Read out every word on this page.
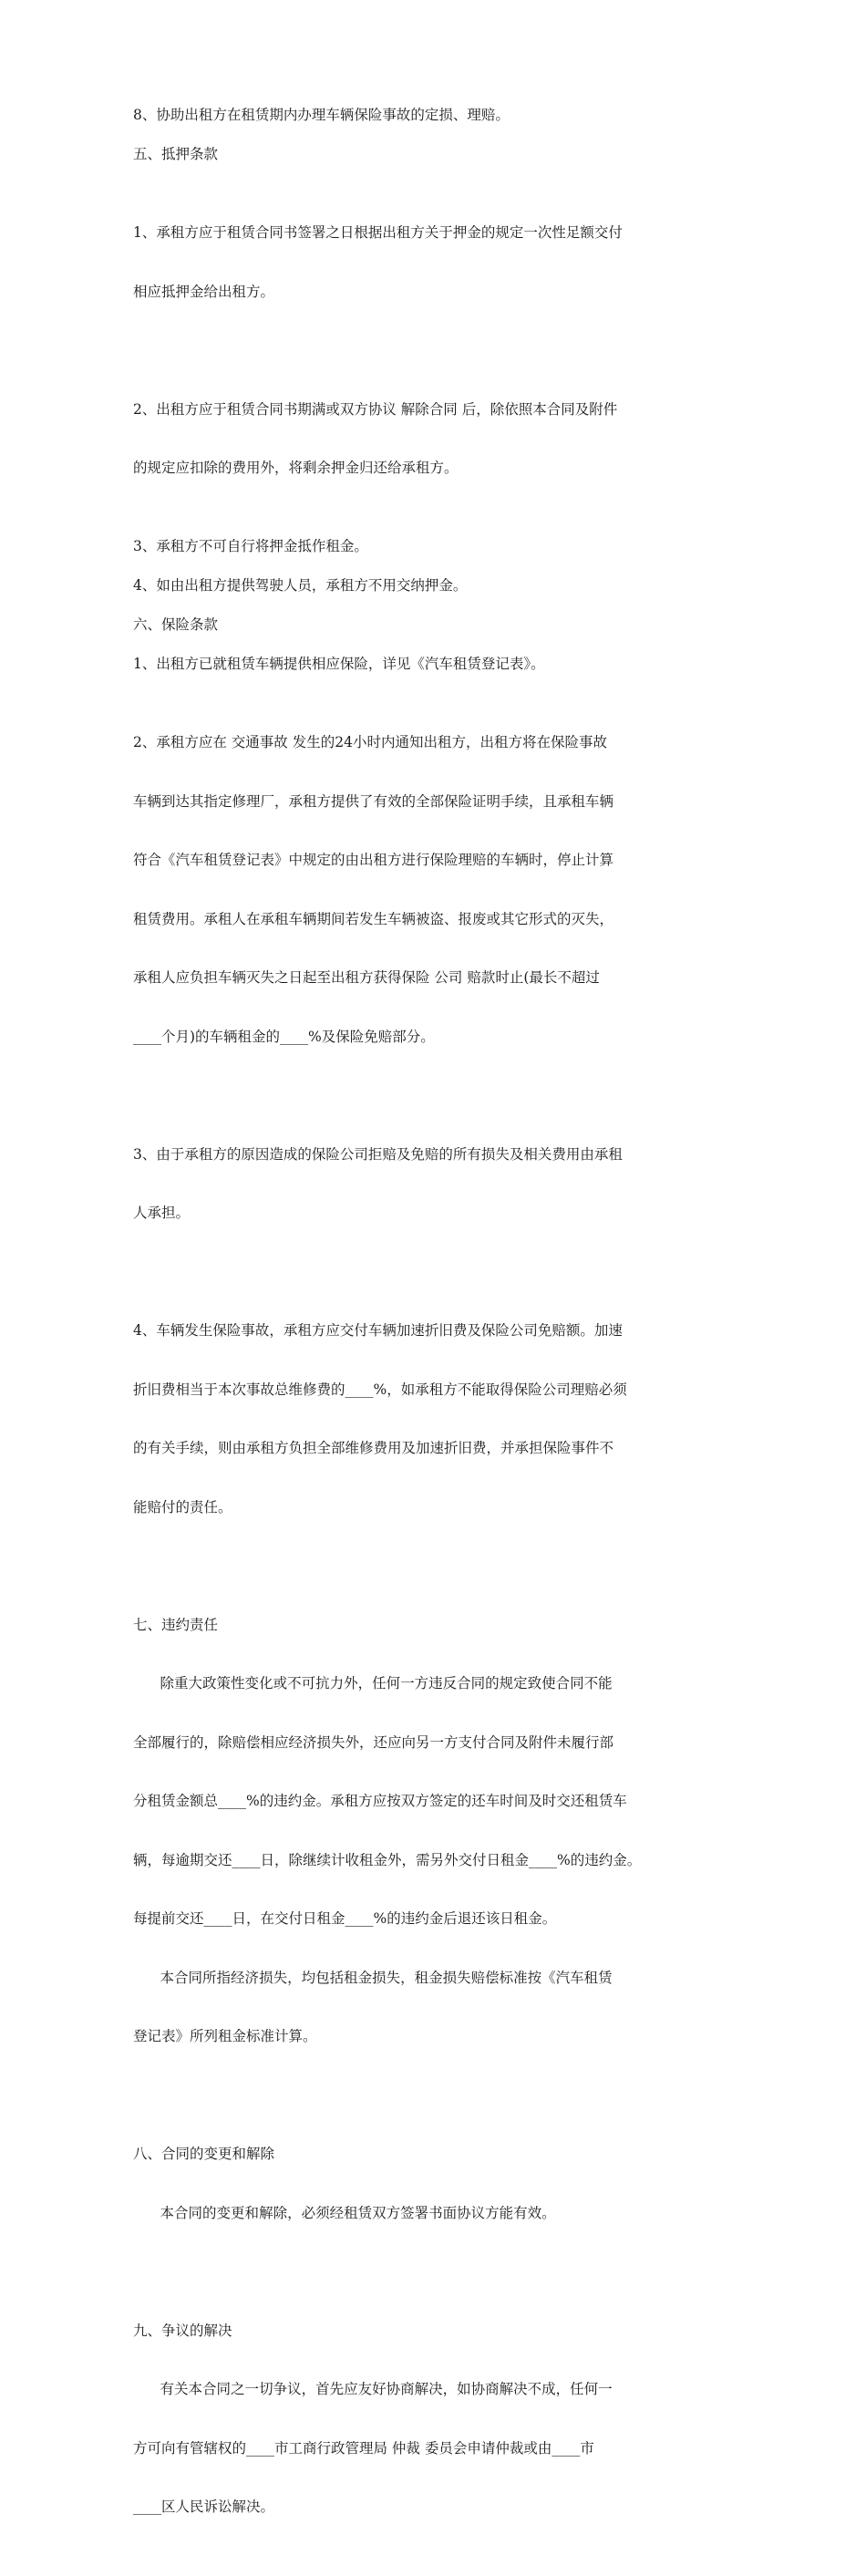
8、协助出租方在租赁期内办理车辆保险事故的定损、理赔。
五、抵押条款

1、承租方应于租赁合同书签署之日根据出租方关于押金的规定一次性足额交付

相应抵押金给出租方。

2、出租方应于租赁合同书期满或双方协议 解除合同 后，除依照本合同及附件

的规定应扣除的费用外，将剩余押金归还给承租方。

3、承租方不可自行将押金抵作租金。
4、如由出租方提供驾驶人员，承租方不用交纳押金。
六、保险条款
1、出租方已就租赁车辆提供相应保险，详见《汽车租赁登记表》。

2、承租方应在 交通事故 发生的24小时内通知出租方，出租方将在保险事故

车辆到达其指定修理厂，承租方提供了有效的全部保险证明手续，且承租车辆

符合《汽车租赁登记表》中规定的由出租方进行保险理赔的车辆时，停止计算

租赁费用。承租人在承租车辆期间若发生车辆被盗、报废或其它形式的灭失，

承租人应负担车辆灭失之日起至出租方获得保险 公司 赔款时止(最长不超过

____个月)的车辆租金的____%及保险免赔部分。

3、由于承租方的原因造成的保险公司拒赔及免赔的所有损失及相关费用由承租

人承担。

4、车辆发生保险事故，承租方应交付车辆加速折旧费及保险公司免赔额。加速

折旧费相当于本次事故总维修费的____%，如承租方不能取得保险公司理赔必须

的有关手续，则由承租方负担全部维修费用及加速折旧费，并承担保险事件不

能赔付的责任。

七、违约责任

除重大政策性变化或不可抗力外，任何一方违反合同的规定致使合同不能

全部履行的，除赔偿相应经济损失外，还应向另一方支付合同及附件未履行部

分租赁金额总____%的违约金。承租方应按双方签定的还车时间及时交还租赁车

辆，每逾期交还____日，除继续计收租金外，需另外交付日租金____%的违约金。

每提前交还____日，在交付日租金____%的违约金后退还该日租金。

本合同所指经济损失，均包括租金损失，租金损失赔偿标准按《汽车租赁

登记表》所列租金标准计算。

八、合同的变更和解除

本合同的变更和解除，必须经租赁双方签署书面协议方能有效。

九、争议的解决

有关本合同之一切争议，首先应友好协商解决，如协商解决不成，任何一

方可向有管辖权的____市工商行政管理局 仲裁 委员会申请仲裁或由____市

____区人民诉讼解决。
